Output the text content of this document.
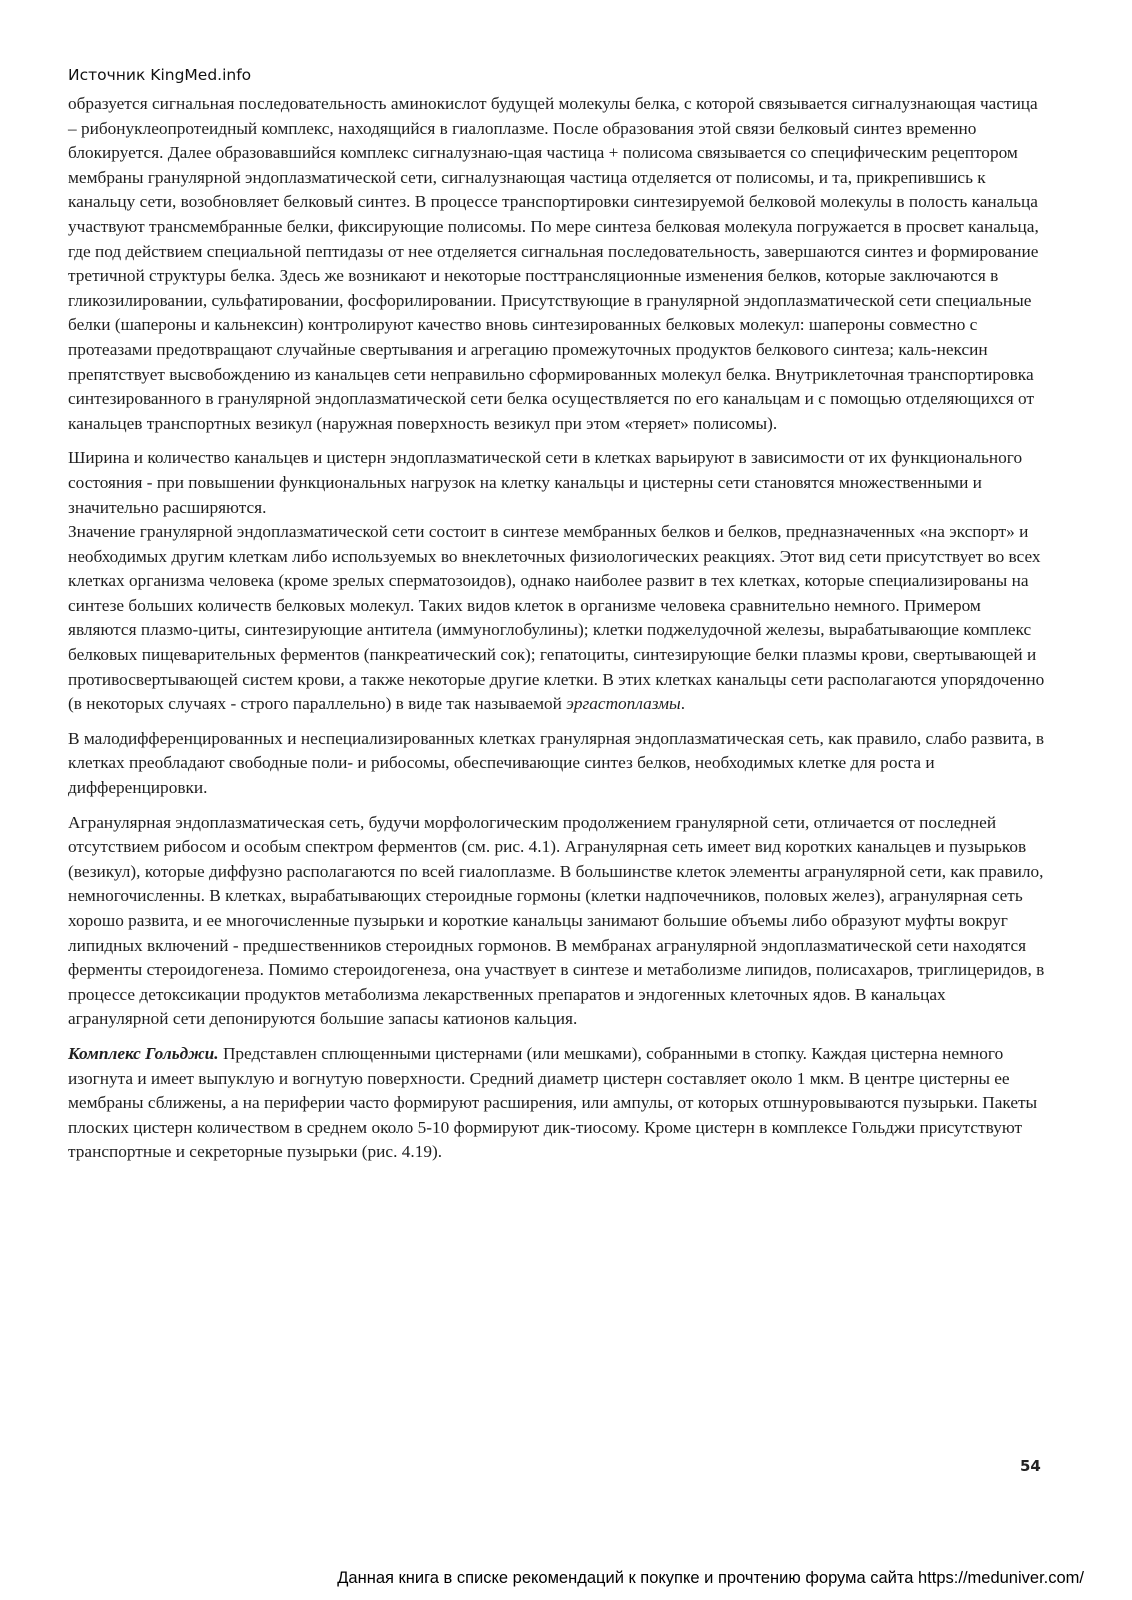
Источник KingMed.info

образуется сигнальная последовательность аминокислот будущей молекулы белка, с которой связывается сигналузнающая частица – рибонуклеопротеидный комплекс, находящийся в гиалоплазме. После образования этой связи белковый синтез временно блокируется. Далее образовавшийся комплекс сигналузнаю-щая частица + полисома связывается со специфическим рецептором мембраны гранулярной эндоплазматической сети, сигналузнающая частица отделяется от полисомы, и та, прикрепившись к канальцу сети, возобновляет белковый синтез. В процессе транспортировки синтезируемой белковой молекулы в полость канальца участвуют трансмембранные белки, фиксирующие полисомы. По мере синтеза белковая молекула погружается в просвет канальца, где под действием специальной пептидазы от нее отделяется сигнальная последовательность, завершаются синтез и формирование третичной структуры белка. Здесь же возникают и некоторые посттрансляционные изменения белков, которые заключаются в гликозилировании, сульфатировании, фосфорилировании. Присутствующие в гранулярной эндоплазматической сети специальные белки (шапероны и кальнексин) контролируют качество вновь синтезированных белковых молекул: шапероны совместно с протеазами предотвращают случайные свертывания и агрегацию промежуточных продуктов белкового синтеза; каль-нексин препятствует высвобождению из канальцев сети неправильно сформированных молекул белка. Внутриклеточная транспортировка синтезированного в гранулярной эндоплазматической сети белка осуществляется по его канальцам и с помощью отделяющихся от канальцев транспортных везикул (наружная поверхность везикул при этом «теряет» полисомы).

Ширина и количество канальцев и цистерн эндоплазматической сети в клетках варьируют в зависимости от их функционального состояния - при повышении функциональных нагрузок на клетку канальцы и цистерны сети становятся множественными и значительно расширяются.

Значение гранулярной эндоплазматической сети состоит в синтезе мембранных белков и белков, предназначенных «на экспорт» и необходимых другим клеткам либо используемых во внеклеточных физиологических реакциях. Этот вид сети присутствует во всех клетках организма человека (кроме зрелых сперматозоидов), однако наиболее развит в тех клетках, которые специализированы на синтезе больших количеств белковых молекул. Таких видов клеток в организме человека сравнительно немного. Примером являются плазмо-циты, синтезирующие антитела (иммуноглобулины); клетки поджелудочной железы, вырабатывающие комплекс белковых пищеварительных ферментов (панкреатический сок); гепатоциты, синтезирующие белки плазмы крови, свертывающей и противосвертывающей систем крови, а также некоторые другие клетки. В этих клетках канальцы сети располагаются упорядоченно (в некоторых случаях - строго параллельно) в виде так называемой эргастоплазмы.

В малодифференцированных и неспециализированных клетках гранулярная эндоплазматическая сеть, как правило, слабо развита, в клетках преобладают свободные поли- и рибосомы, обеспечивающие синтез белков, необходимых клетке для роста и дифференцировки.

Агранулярная эндоплазматическая сеть, будучи морфологическим продолжением гранулярной сети, отличается от последней отсутствием рибосом и особым спектром ферментов (см. рис. 4.1). Агранулярная сеть имеет вид коротких канальцев и пузырьков (везикул), которые диффузно располагаются по всей гиалоплазме. В большинстве клеток элементы агранулярной сети, как правило, немногочисленны. В клетках, вырабатывающих стероидные гормоны (клетки надпочечников, половых желез), агранулярная сеть хорошо развита, и ее многочисленные пузырьки и короткие канальцы занимают большие объемы либо образуют муфты вокруг липидных включений - предшественников стероидных гормонов. В мембранах агранулярной эндоплазматической сети находятся ферменты стероидогенеза. Помимо стероидогенеза, она участвует в синтезе и метаболизме липидов, полисахаров, триглицеридов, в процессе детоксикации продуктов метаболизма лекарственных препаратов и эндогенных клеточных ядов. В канальцах агранулярной сети депонируются большие запасы катионов кальция.

Комплекс Гольджи. Представлен сплющенными цистернами (или мешками), собранными в стопку. Каждая цистерна немного изогнута и имеет выпуклую и вогнутую поверхности. Средний диаметр цистерн составляет около 1 мкм. В центре цистерны ее мембраны сближены, а на периферии часто формируют расширения, или ампулы, от которых отшнуровываются пузырьки. Пакеты плоских цистерн количеством в среднем около 5-10 формируют дик-тиосому. Кроме цистерн в комплексе Гольджи присутствуют транспортные и секреторные пузырьки (рис. 4.19).

54
Данная книга в списке рекомендаций к покупке и прочтению форума сайта https://meduniver.com/
